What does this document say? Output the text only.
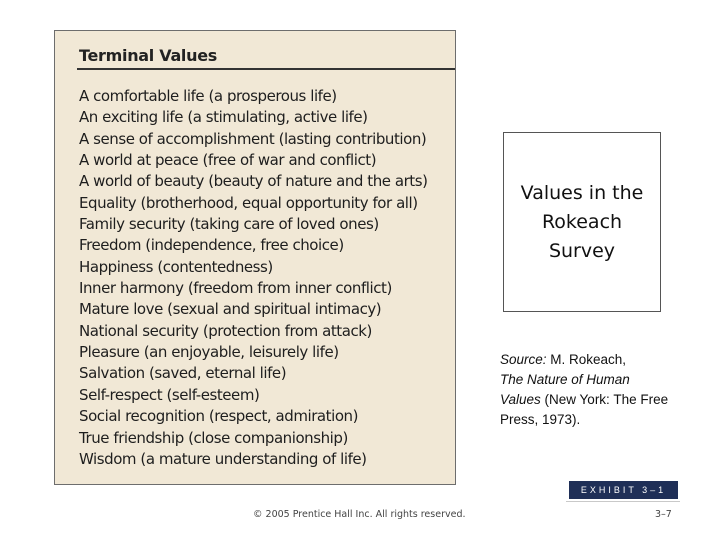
Terminal Values
A comfortable life (a prosperous life)
An exciting life (a stimulating, active life)
A sense of accomplishment (lasting contribution)
A world at peace (free of war and conflict)
A world of beauty (beauty of nature and the arts)
Equality (brotherhood, equal opportunity for all)
Family security (taking care of loved ones)
Freedom (independence, free choice)
Happiness (contentedness)
Inner harmony (freedom from inner conflict)
Mature love (sexual and spiritual intimacy)
National security (protection from attack)
Pleasure (an enjoyable, leisurely life)
Salvation (saved, eternal life)
Self-respect (self-esteem)
Social recognition (respect, admiration)
True friendship (close companionship)
Wisdom (a mature understanding of life)
Values in the Rokeach Survey
Source: M. Rokeach,
The Nature of Human Values (New York: The Free Press, 1973).
EXHIBIT 3–1
© 2005 Prentice Hall Inc. All rights reserved.	3–7
